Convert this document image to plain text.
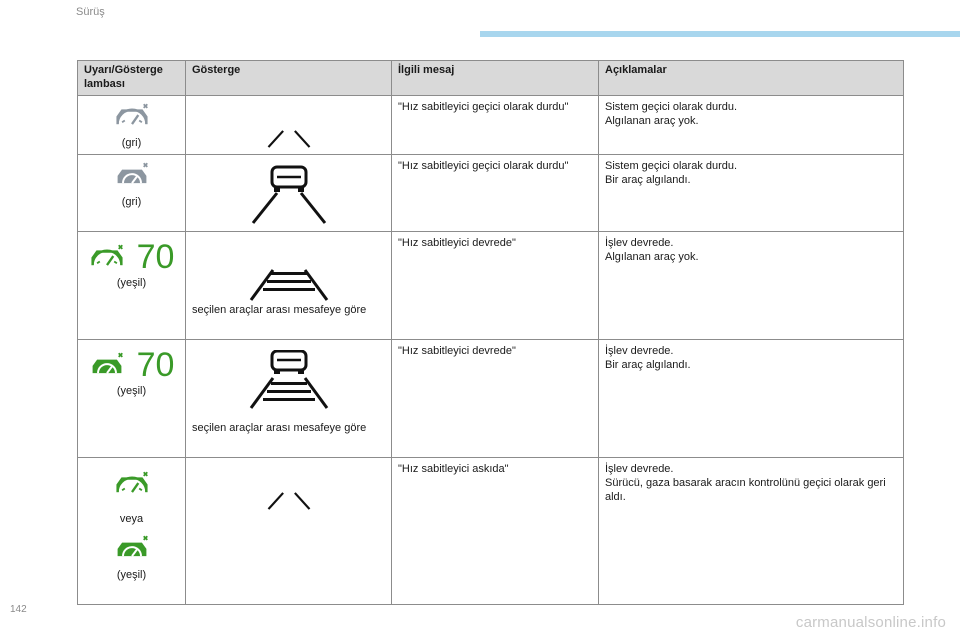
Sürüş
Uyarı/Gösterge lambası	Gösterge	İlgili mesaj	Açıklamalar

(gri)		"Hız sabitleyici geçici olarak durdu"	Sistem geçici olarak durdu.
Algılanan araç yok.

(gri)		"Hız sabitleyici geçici olarak durdu"	Sistem geçici olarak durdu.
Bir araç algılandı.

70
(yeşil)	seçilen araçlar arası mesafeye göre	"Hız sabitleyici devrede"	İşlev devrede.
Algılanan araç yok.

70
(yeşil)	seçilen araçlar arası mesafeye göre	"Hız sabitleyici devrede"	İşlev devrede.
Bir araç algılandı.

veya
(yeşil)		"Hız sabitleyici askıda"	İşlev devrede.
Sürücü, gaza basarak aracın kontrolünü geçici olarak geri aldı.
142
carmanualsonline.info
